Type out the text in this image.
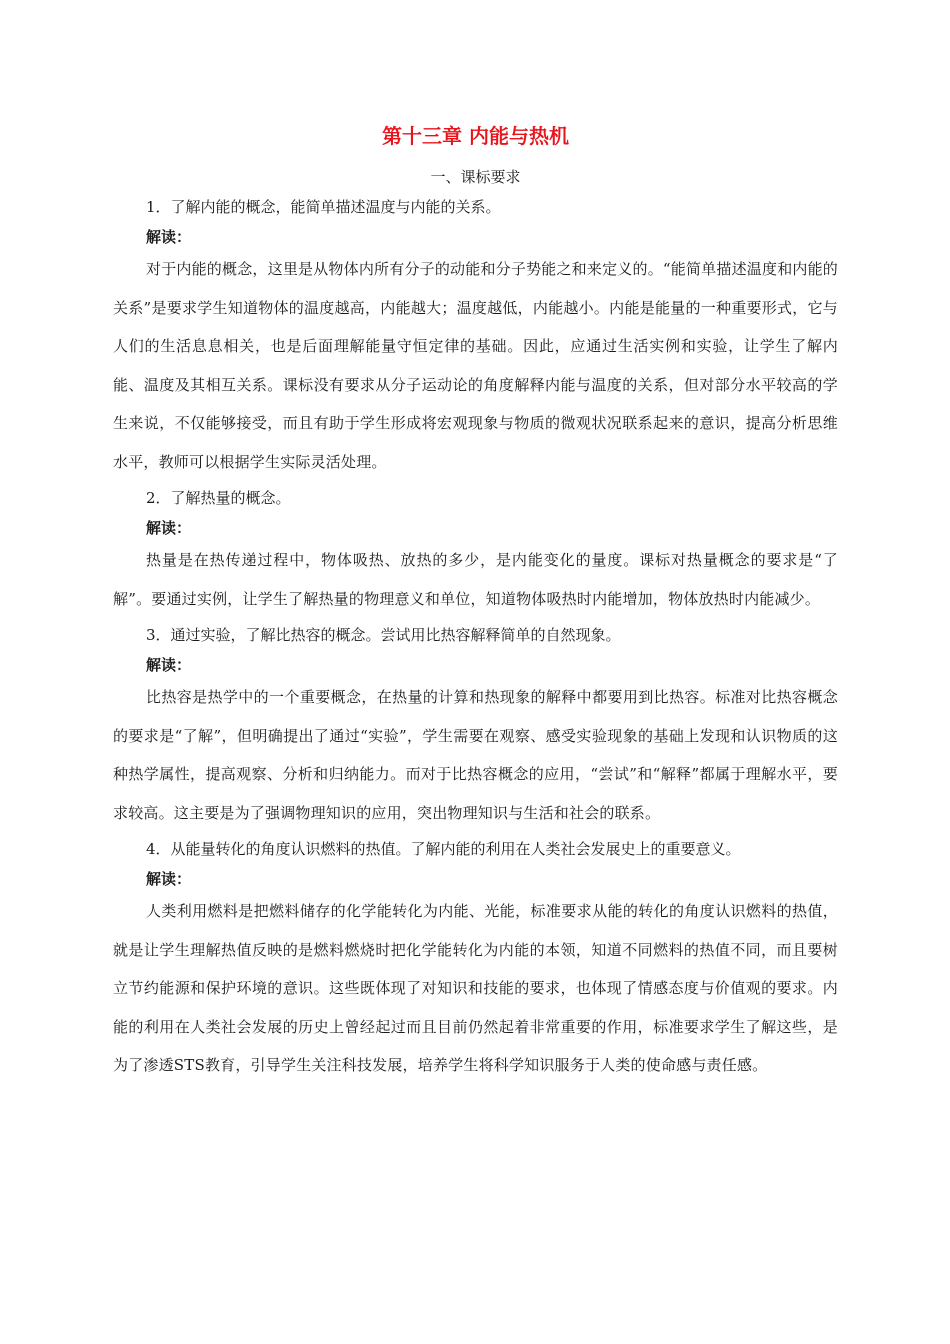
第十三章 内能与热机

一、课标要求

1．了解内能的概念，能简单描述温度与内能的关系。

解读：

对于内能的概念，这里是从物体内所有分子的动能和分子势能之和来定义的。“能简单描述温度和内能的关系”是要求学生知道物体的温度越高，内能越大；温度越低，内能越小。内能是能量的一种重要形式，它与人们的生活息息相关，也是后面理解能量守恒定律的基础。因此，应通过生活实例和实验，让学生了解内能、温度及其相互关系。课标没有要求从分子运动论的角度解释内能与温度的关系，但对部分水平较高的学生来说，不仅能够接受，而且有助于学生形成将宏观现象与物质的微观状况联系起来的意识，提高分析思维水平，教师可以根据学生实际灵活处理。

2．了解热量的概念。

解读：

热量是在热传递过程中，物体吸热、放热的多少，是内能变化的量度。课标对热量概念的要求是“了解”。要通过实例，让学生了解热量的物理意义和单位，知道物体吸热时内能增加，物体放热时内能减少。

3．通过实验，了解比热容的概念。尝试用比热容解释简单的自然现象。

解读：

比热容是热学中的一个重要概念，在热量的计算和热现象的解释中都要用到比热容。标准对比热容概念的要求是“了解”，但明确提出了通过“实验”，学生需要在观察、感受实验现象的基础上发现和认识物质的这种热学属性，提高观察、分析和归纳能力。而对于比热容概念的应用，“尝试”和“解释”都属于理解水平，要求较高。这主要是为了强调物理知识的应用，突出物理知识与生活和社会的联系。

4．从能量转化的角度认识燃料的热值。了解内能的利用在人类社会发展史上的重要意义。

解读：

人类利用燃料是把燃料储存的化学能转化为内能、光能，标准要求从能的转化的角度认识燃料的热值，就是让学生理解热值反映的是燃料燃烧时把化学能转化为内能的本领，知道不同燃料的热值不同，而且要树立节约能源和保护环境的意识。这些既体现了对知识和技能的要求，也体现了情感态度与价值观的要求。内能的利用在人类社会发展的历史上曾经起过而且目前仍然起着非常重要的作用，标准要求学生了解这些，是为了渗透STS教育，引导学生关注科技发展，培养学生将科学知识服务于人类的使命感与责任感。
